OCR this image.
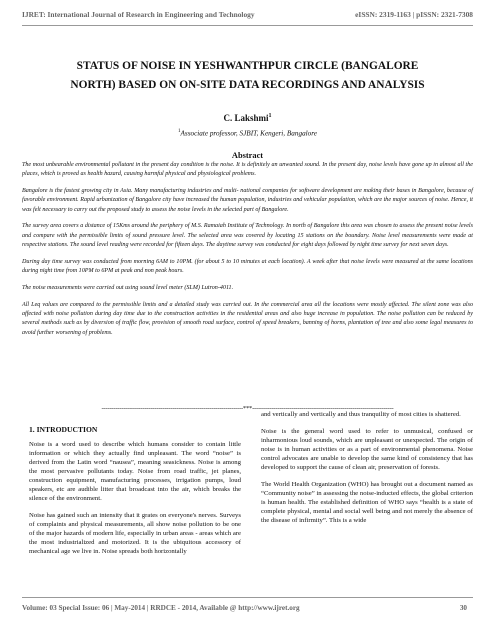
IJRET: International Journal of Research in Engineering and Technology	eISSN: 2319-1163 | pISSN: 2321-7308
STATUS OF NOISE IN YESHWANTHPUR CIRCLE (BANGALORE
NORTH) BASED ON ON-SITE DATA RECORDINGS AND ANALYSIS
C. Lakshmi$^1$
$^1$Associate professor, SJBIT, Kengeri, Bangalore
Abstract

The most unbearable environmental pollutant in the present day condition is the noise. It is definitely an unwanted sound. In the present day, noise levels have gone up in almost all the places, which is proved as health hazard, causing harmful physical and physiological problems.

Bangalore is the fastest growing city in Asia. Many manufacturing industries and multi- national companies for software development are making their bases in Bangalore, because of favorable environment. Rapid urbanization of Bangalore city have increased the human population, industries and vehicular population, which are the major sources of noise. Hence, it was felt necessary to carry out the proposed study to assess the noise levels in the selected part of Bangalore.

The survey area covers a distance of 15Kms around the periphery of M.S. Ramaiah Institute of Technology. In north of Bangalore this area was chosen to assess the present noise levels and compare with the permissible limits of sound pressure level. The selected area was covered by locating 15 stations on the boundary. Noise level measurements were made at respective stations. The sound level reading were recorded for fifteen days. The daytime survey was conducted for eight days followed by night time survey for next seven days.

During day time survey was conducted from morning 6AM to 10PM. (for about 5 to 10 minutes at each location). A week after that noise levels were measured at the same locations during night time from 10PM to 6PM at peak and non peak hours.

The noise measurements were carried out using sound level meter (SLM) Lutron-4011.

All Leq values are compared to the permissible limits and a detailed study was carried out. In the commercial area all the locations were mostly affected. The silent zone was also affected with noise pollution during day time due to the construction activities in the residential areas and also huge increase in population. The noise pollution can be reduced by several methods such as by diversion of traffic flow, provision of smooth road surface, control of speed breakers, banning of horns, plantation of tree and also some legal measures to avoid further worsening of problems.

------------------------------------------------------------------------***------------------------------------------------------------------------
1. INTRODUCTION

Noise is a word used to describe which humans consider to contain little information or which they actually find unpleasant. The word “noise” is derived from the Latin word “nausea”, meaning seasickness. Noise is among the most pervasive pollutants today. Noise from road traffic, jet planes, construction equipment, manufacturing processes, irrigation pumps, loud speakers, etc are audible litter that broadcast into the air, which breaks the silence of the environment.

Noise has gained such an intensity that it grates on everyone's nerves. Surveys of complaints and physical measurements, all show noise pollution to be one of the major hazards of modern life, especially in urban areas - areas which are the most industrialized and motorized. It is the ubiquitous accessory of mechanical age we live in. Noise spreads both horizontally

and vertically and vertically and thus tranquility of most cities is shattered.

Noise is the general word used to refer to unmusical, confused or inharmonious loud sounds, which are unpleasant or unexpected. The origin of noise is in human activities or as a part of environmental phenomena. Noise control advocates are unable to develop the same kind of consistency that has developed to support the cause of clean air, preservation of forests.

The World Health Organization (WHO) has brought out a document named as “Community noise” in assessing the noise-inducted effects, the global criterion is human health. The established definition of WHO says “health is a state of complete physical, mental and social well being and not merely the absence of the disease of infirmity”. This is a wide

Volume: 03 Special Issue: 06 | May-2014 | RRDCE - 2014, Available @ http://www.ijret.org	30
